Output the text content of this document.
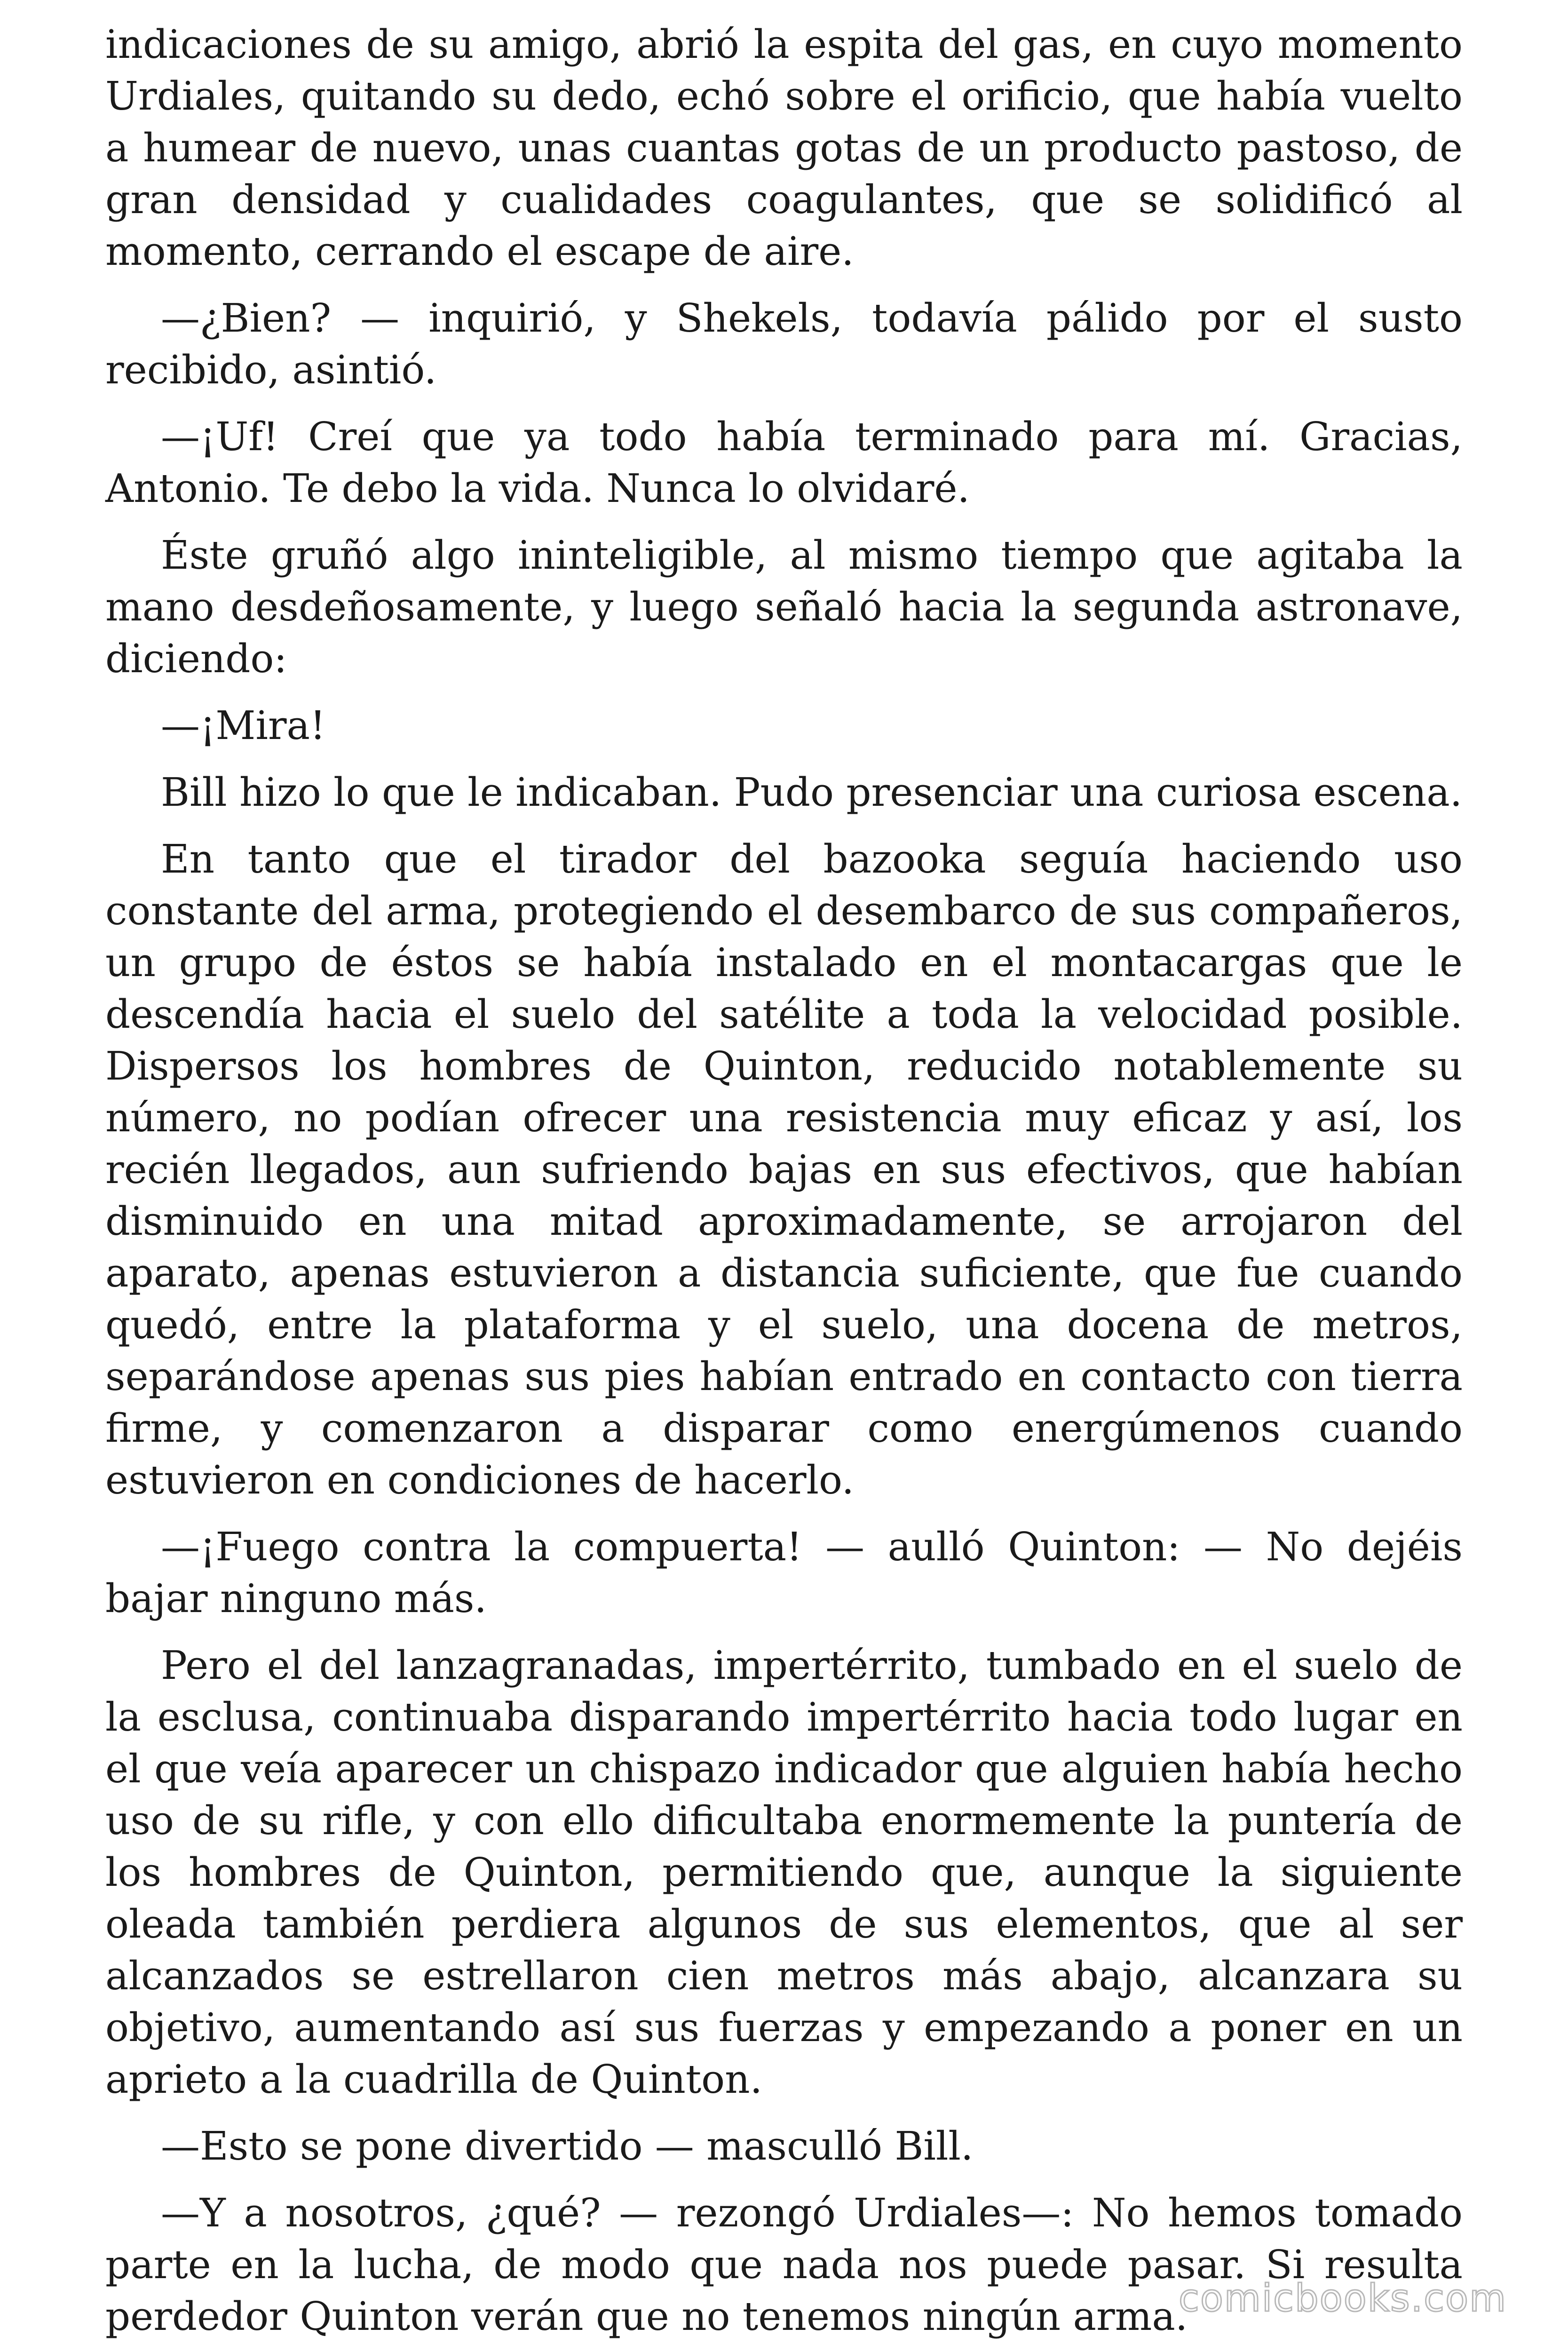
indicaciones de su amigo, abrió la espita del gas, en cuyo momento Urdiales, quitando su dedo, echó sobre el orificio, que había vuelto a humear de nuevo, unas cuantas gotas de un producto pastoso, de gran densidad y cualidades coagulantes, que se solidificó al momento, cerrando el escape de aire.

—¿Bien? — inquirió, y Shekels, todavía pálido por el susto recibido, asintió.

—¡Uf! Creí que ya todo había terminado para mí. Gracias, Antonio. Te debo la vida. Nunca lo olvidaré.

Éste gruñó algo ininteligible, al mismo tiempo que agitaba la mano desdeñosamente, y luego señaló hacia la segunda astronave, diciendo:

—¡Mira!

Bill hizo lo que le indicaban. Pudo presenciar una curiosa escena.

En tanto que el tirador del bazooka seguía haciendo uso constante del arma, protegiendo el desembarco de sus compañeros, un grupo de éstos se había instalado en el montacargas que le descendía hacia el suelo del satélite a toda la velocidad posible. Dispersos los hombres de Quinton, reducido notablemente su número, no podían ofrecer una resistencia muy eficaz y así, los recién llegados, aun sufriendo bajas en sus efectivos, que habían disminuido en una mitad aproximadamente, se arrojaron del aparato, apenas estuvieron a distancia suficiente, que fue cuando quedó, entre la plataforma y el suelo, una docena de metros, separándose apenas sus pies habían entrado en contacto con tierra firme, y comenzaron a disparar como energúmenos cuando estuvieron en condiciones de hacerlo.

—¡Fuego contra la compuerta! — aulló Quinton: — No dejéis bajar ninguno más.

Pero el del lanzagranadas, impertérrito, tumbado en el suelo de la esclusa, continuaba disparando impertérrito hacia todo lugar en el que veía aparecer un chispazo indicador que alguien había hecho uso de su rifle, y con ello dificultaba enormemente la puntería de los hombres de Quinton, permitiendo que, aunque la siguiente oleada también perdiera algunos de sus elementos, que al ser alcanzados se estrellaron cien metros más abajo, alcanzara su objetivo, aumentando así sus fuerzas y empezando a poner en un aprieto a la cuadrilla de Quinton.

—Esto se pone divertido — masculló Bill.

—Y a nosotros, ¿qué? — rezongó Urdiales—: No hemos tomado parte en la lucha, de modo que nada nos puede pasar. Si resulta perdedor Quinton verán que no tenemos ningún arma.

comicbooks.com
